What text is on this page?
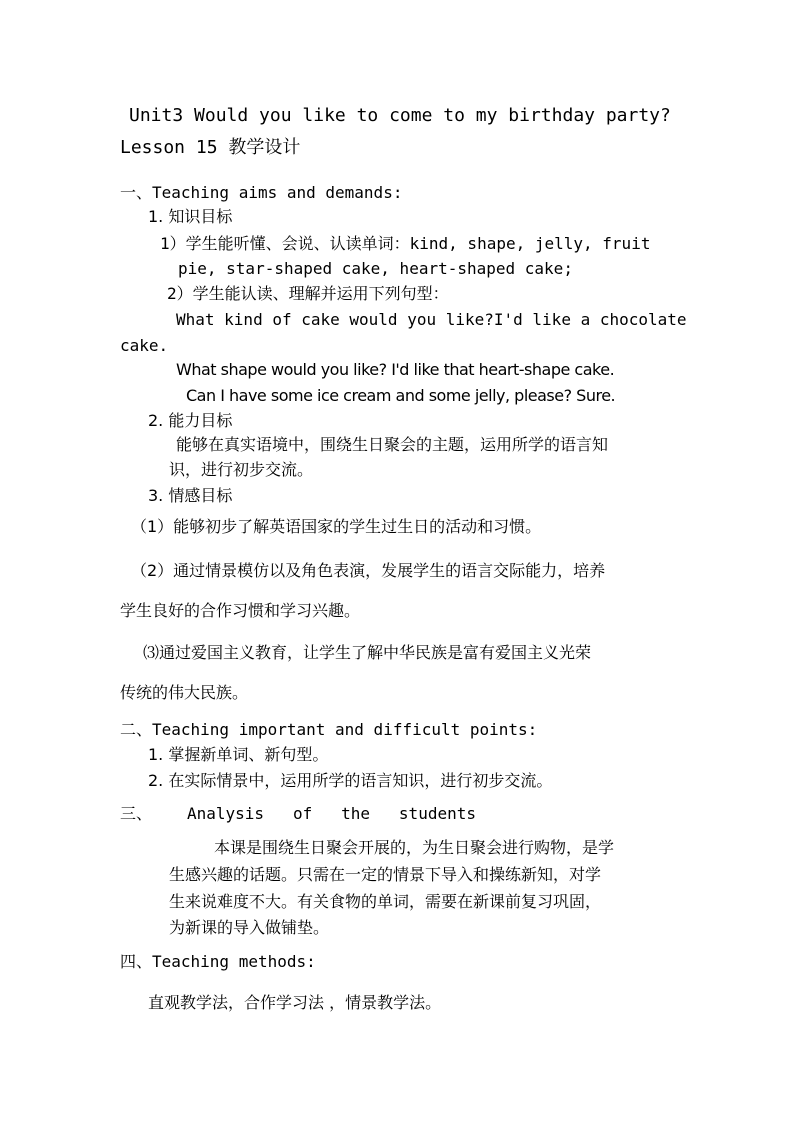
Unit3 Would you like to come to my birthday party?
Lesson 15 教学设计
一、Teaching aims and demands:
1. 知识目标
1）学生能听懂、会说、认读单词：kind, shape, jelly, fruit
pie, star-shaped cake, heart-shaped cake;
2）学生能认读、理解并运用下列句型：
What kind of cake would you like?I'd like a chocolate
cake.
What shape would you like? I'd like that heart-shape cake.
Can I have some ice cream and some jelly, please? Sure.
2. 能力目标
能够在真实语境中，围绕生日聚会的主题，运用所学的语言知
识，进行初步交流。
3. 情感目标
（1）能够初步了解英语国家的学生过生日的活动和习惯。
（2）通过情景模仿以及角色表演，发展学生的语言交际能力，培养
学生良好的合作习惯和学习兴趣。
⑶通过爱国主义教育，让学生了解中华民族是富有爱国主义光荣
传统的伟大民族。
二、Teaching important and difficult points:
1. 掌握新单词、新句型。
2. 在实际情景中，运用所学的语言知识，进行初步交流。
三、 Analysis   of   the   students
本课是围绕生日聚会开展的，为生日聚会进行购物，是学
生感兴趣的话题。只需在一定的情景下导入和操练新知，对学
生来说难度不大。有关食物的单词，需要在新课前复习巩固，
为新课的导入做铺垫。
四、Teaching methods:
直观教学法，合作学习法 ，情景教学法。
